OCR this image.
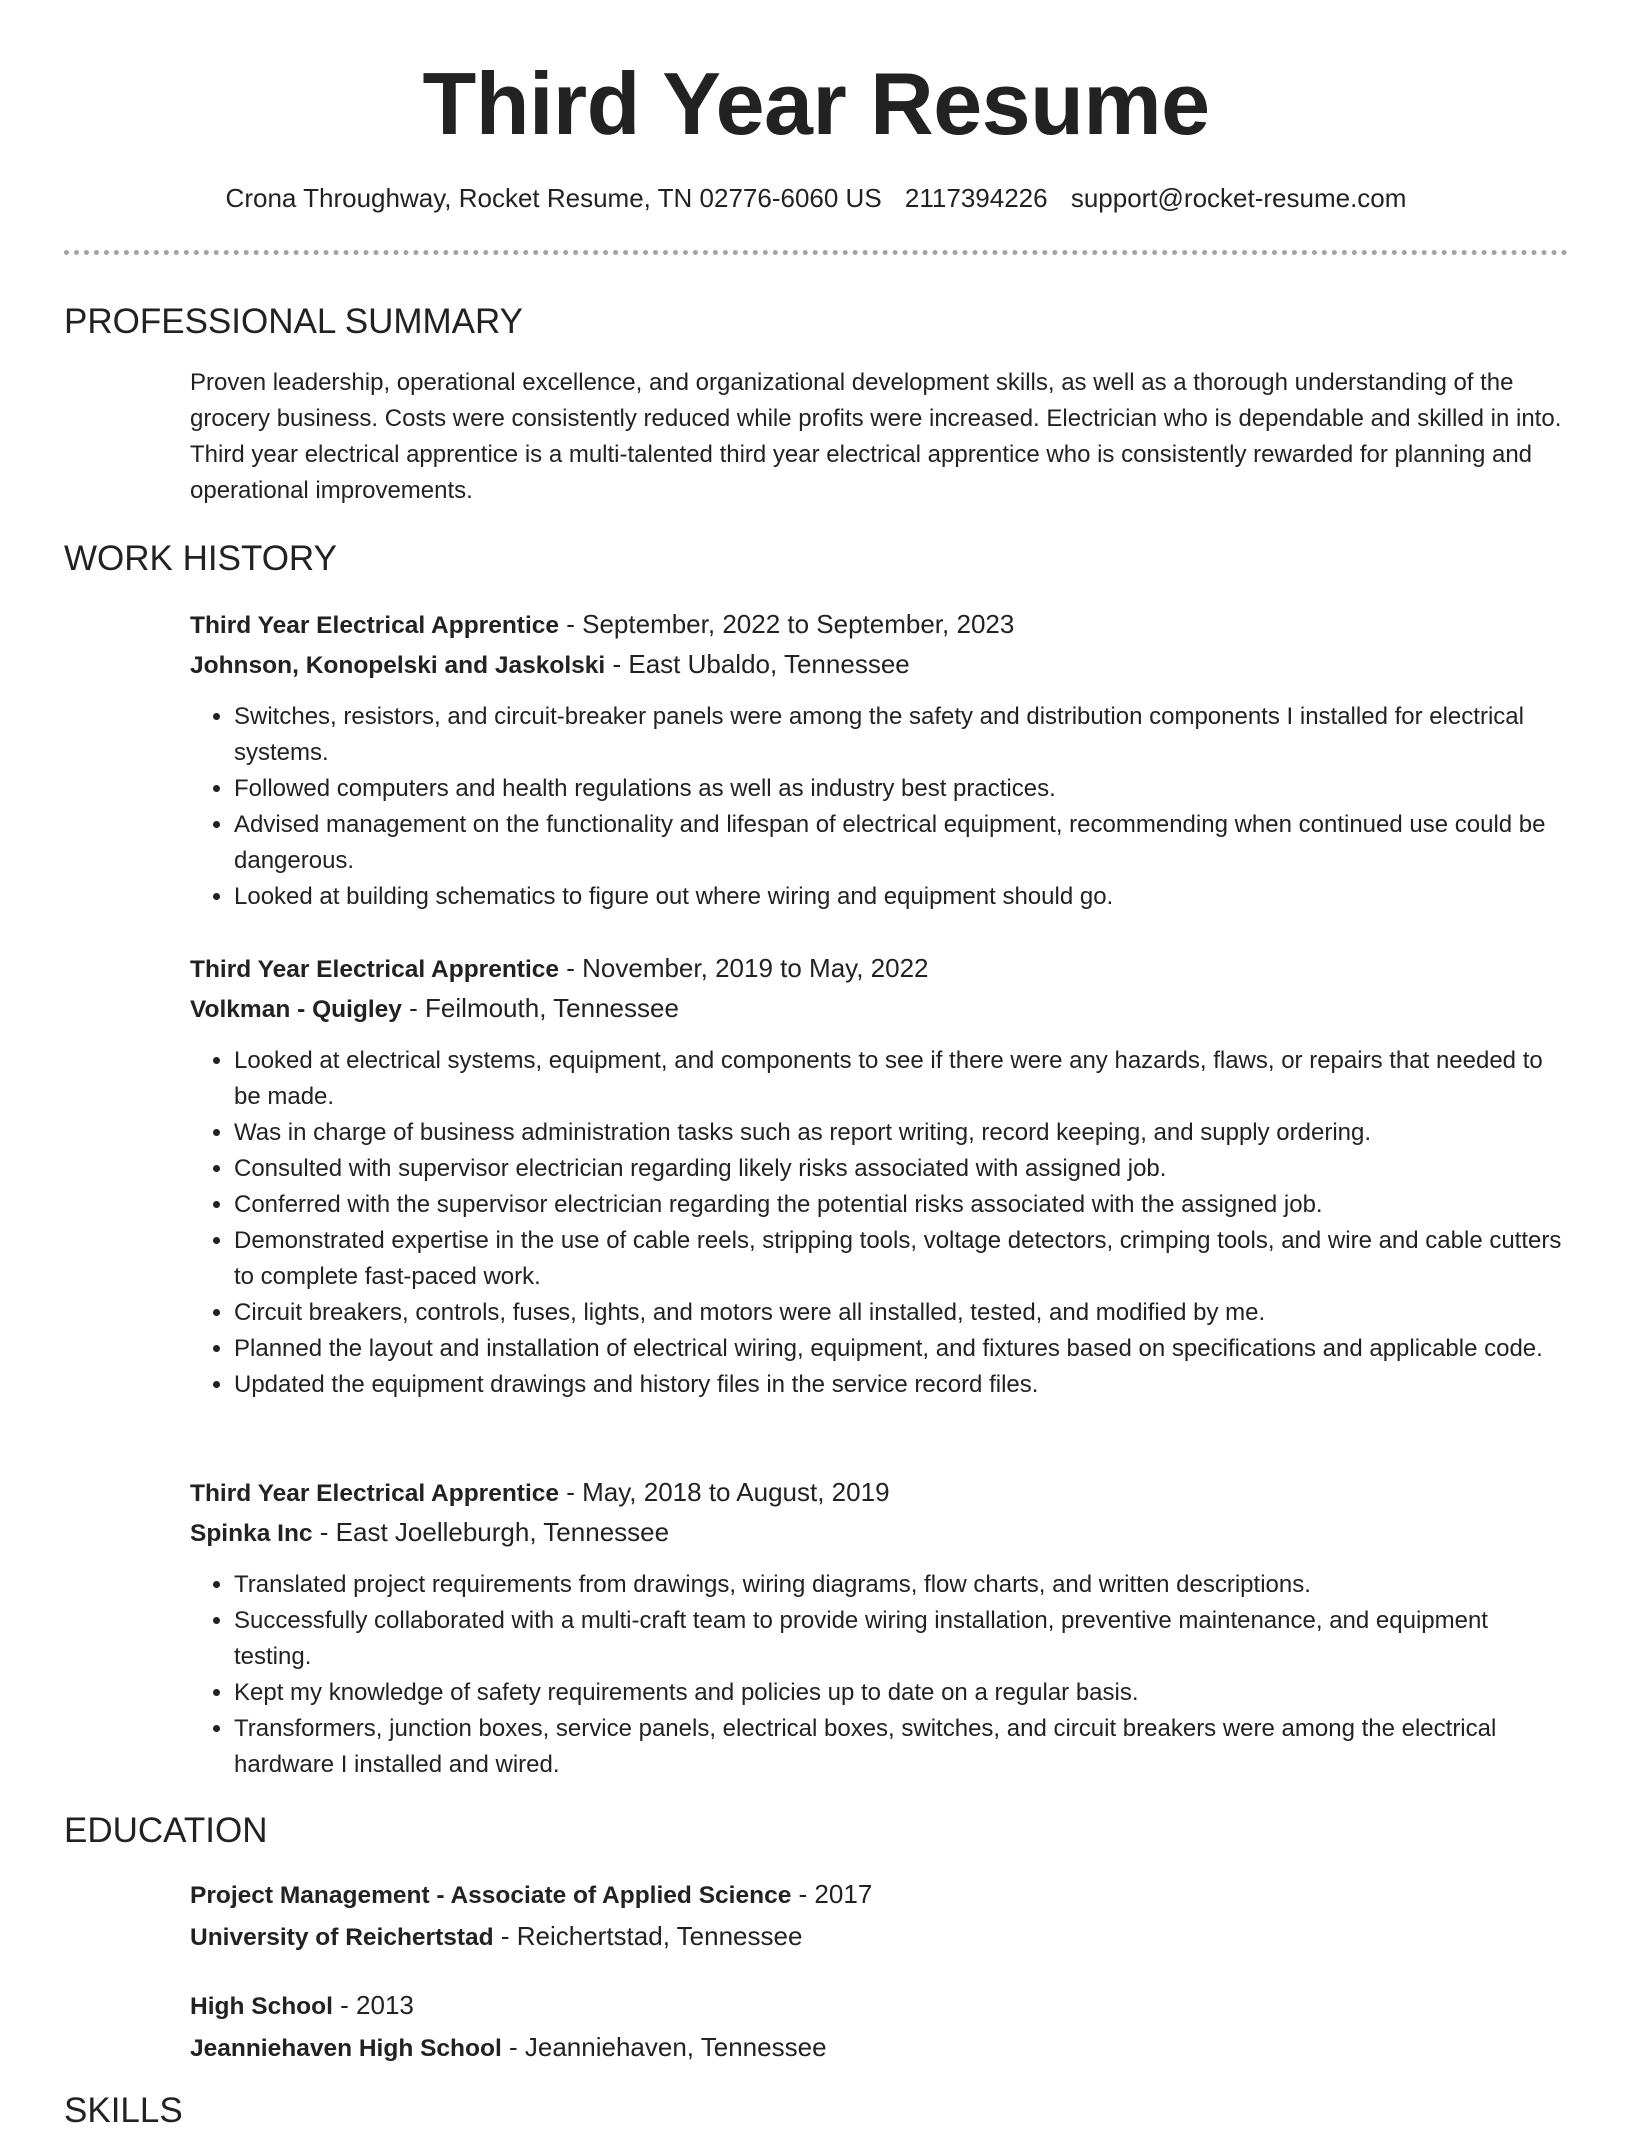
Third Year Resume
Crona Throughway, Rocket Resume, TN 02776-6060 US 2117394226 support@rocket-resume.com
PROFESSIONAL SUMMARY

Proven leadership, operational excellence, and organizational development skills, as well as a thorough understanding of the grocery business. Costs were consistently reduced while profits were increased. Electrician who is dependable and skilled in into. Third year electrical apprentice is a multi-talented third year electrical apprentice who is consistently rewarded for planning and operational improvements.

WORK HISTORY

Third Year Electrical Apprentice - September, 2022 to September, 2023

Johnson, Konopelski and Jaskolski - East Ubaldo, Tennessee

• Switches, resistors, and circuit-breaker panels were among the safety and distribution components I installed for electrical systems.
• Followed computers and health regulations as well as industry best practices.
• Advised management on the functionality and lifespan of electrical equipment, recommending when continued use could be dangerous.
• Looked at building schematics to figure out where wiring and equipment should go.

Third Year Electrical Apprentice - November, 2019 to May, 2022

Volkman - Quigley - Feilmouth, Tennessee

• Looked at electrical systems, equipment, and components to see if there were any hazards, flaws, or repairs that needed to be made.
• Was in charge of business administration tasks such as report writing, record keeping, and supply ordering.
• Consulted with supervisor electrician regarding likely risks associated with assigned job.
• Conferred with the supervisor electrician regarding the potential risks associated with the assigned job.
• Demonstrated expertise in the use of cable reels, stripping tools, voltage detectors, crimping tools, and wire and cable cutters to complete fast-paced work.
• Circuit breakers, controls, fuses, lights, and motors were all installed, tested, and modified by me.
• Planned the layout and installation of electrical wiring, equipment, and fixtures based on specifications and applicable code.
• Updated the equipment drawings and history files in the service record files.

Third Year Electrical Apprentice - May, 2018 to August, 2019

Spinka Inc - East Joelleburgh, Tennessee

• Translated project requirements from drawings, wiring diagrams, flow charts, and written descriptions.
• Successfully collaborated with a multi-craft team to provide wiring installation, preventive maintenance, and equipment testing.
• Kept my knowledge of safety requirements and policies up to date on a regular basis.
• Transformers, junction boxes, service panels, electrical boxes, switches, and circuit breakers were among the electrical hardware I installed and wired.
EDUCATION

Project Management - Associate of Applied Science - 2017

University of Reichertstad - Reichertstad, Tennessee

High School - 2013

Jeanniehaven High School - Jeanniehaven, Tennessee

SKILLS
